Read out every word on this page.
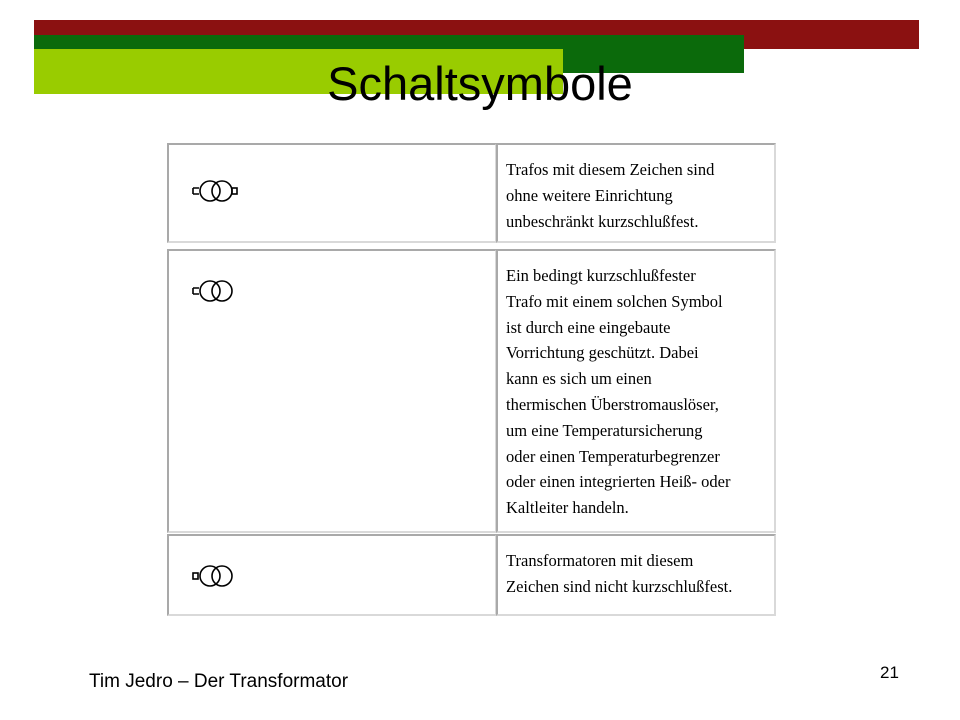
Schaltsymbole
Trafos mit diesem Zeichen sind
ohne weitere Einrichtung
unbeschränkt kurzschlußfest.
Ein bedingt kurzschlußfester
Trafo mit einem solchen Symbol
ist durch eine eingebaute
Vorrichtung geschützt. Dabei
kann es sich um einen
thermischen Überstromauslöser,
um eine Temperatursicherung
oder einen Temperaturbegrenzer
oder einen integrierten Heiß- oder
Kaltleiter handeln.
Transformatoren mit diesem
Zeichen sind nicht kurzschlußfest.
Tim Jedro – Der Transformator	21
